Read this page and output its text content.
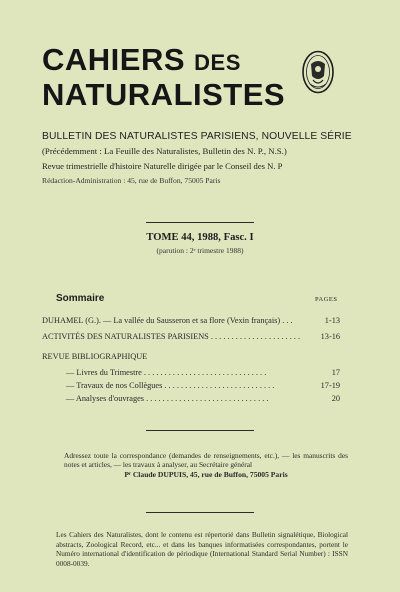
CAHIERS DES
NATURALISTES
BULLETIN DES NATURALISTES PARISIENS, NOUVELLE SÉRIE
(Précédemment : La Feuille des Naturalistes, Bulletin des N. P., N.S.)
Revue trimestrielle d'histoire Naturelle dirigée par le Conseil des N. P
Rédaction-Administration : 45, rue de Buffon, 75005 Paris
TOME 44, 1988, Fasc. I
(parution : 2ᵉ trimestre 1988)
Sommaire	PAGES
DUHAMEL (G.). — La vallée du Sausseron et sa flore (Vexin français) . . .	1-13
ACTIVITÉS DES NATURALISTES PARISIENS . . . . . . . . . . . . . . . . . . . . . .	13-16
REVUE BIBLIOGRAPHIQUE
— Livres du Trimestre . . . . . . . . . . . . . . . . . . . . . . . . . . . . . .	17
— Travaux de nos Collègues . . . . . . . . . . . . . . . . . . . . . . . . . . .	17-19
— Analyses d'ouvrages . . . . . . . . . . . . . . . . . . . . . . . . . . . . . .	20
Adressez toute la correspondance (demandes de renseignements, etc.), — les manuscrits des notes et articles, — les travaux à analyser, au Secrétaire général
Pʳ Claude DUPUIS, 45, rue de Buffon, 75005 Paris
Les Cahiers des Naturalistes, dont le contenu est répertorié dans Bulletin signalétique, Biological abstracts, Zoological Record, etc... et dans les banques informatisées correspondantes, portent le Numéro international d'identification de périodique (International Standard Serial Number) : ISSN 0008-0039.
